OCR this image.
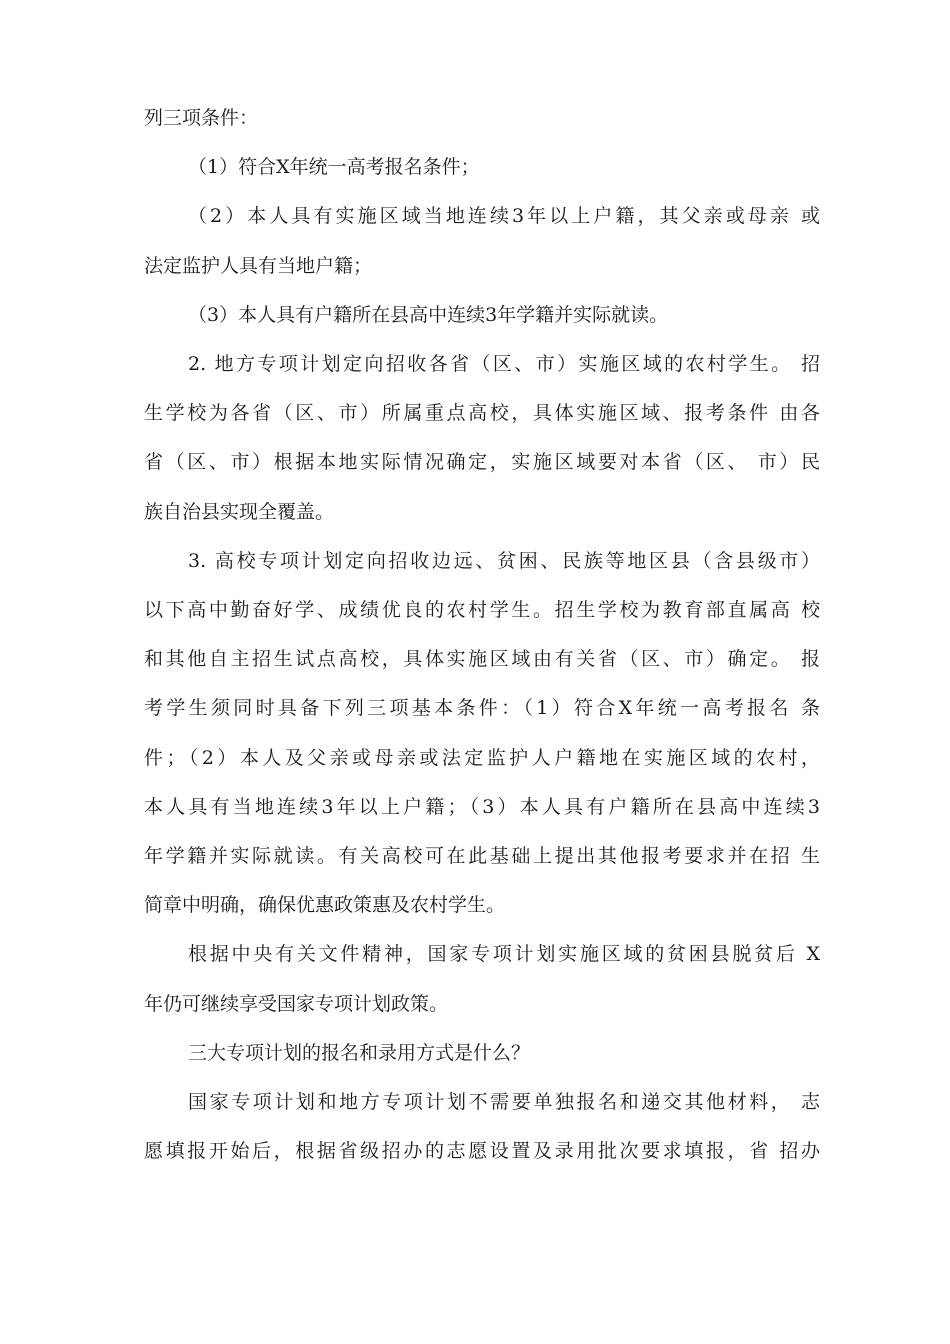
列三项条件：
（1）符合X年统一高考报名条件；
（2）本人具有实施区域当地连续3年以上户籍，其父亲或母亲 或
法定监护人具有当地户籍；
（3）本人具有户籍所在县高中连续3年学籍并实际就读。
2. 地方专项计划定向招收各省（区、市）实施区域的农村学生。 招
生学校为各省（区、市）所属重点高校，具体实施区域、报考条件 由各
省（区、市）根据本地实际情况确定，实施区域要对本省（区、 市）民
族自治县实现全覆盖。
3. 高校专项计划定向招收边远、贫困、民族等地区县（含县级市）
以下高中勤奋好学、成绩优良的农村学生。招生学校为教育部直属高 校
和其他自主招生试点高校，具体实施区域由有关省（区、市）确定。 报
考学生须同时具备下列三项基本条件：（1）符合X年统一高考报名 条
件；（2）本人及父亲或母亲或法定监护人户籍地在实施区域的农村，
本人具有当地连续3年以上户籍；（3）本人具有户籍所在县高中连续3
年学籍并实际就读。有关高校可在此基础上提出其他报考要求并在招 生
简章中明确，确保优惠政策惠及农村学生。
根据中央有关文件精神，国家专项计划实施区域的贫困县脱贫后 X
年仍可继续享受国家专项计划政策。
三大专项计划的报名和录用方式是什么？
国家专项计划和地方专项计划不需要单独报名和递交其他材料， 志
愿填报开始后，根据省级招办的志愿设置及录用批次要求填报，省 招办
